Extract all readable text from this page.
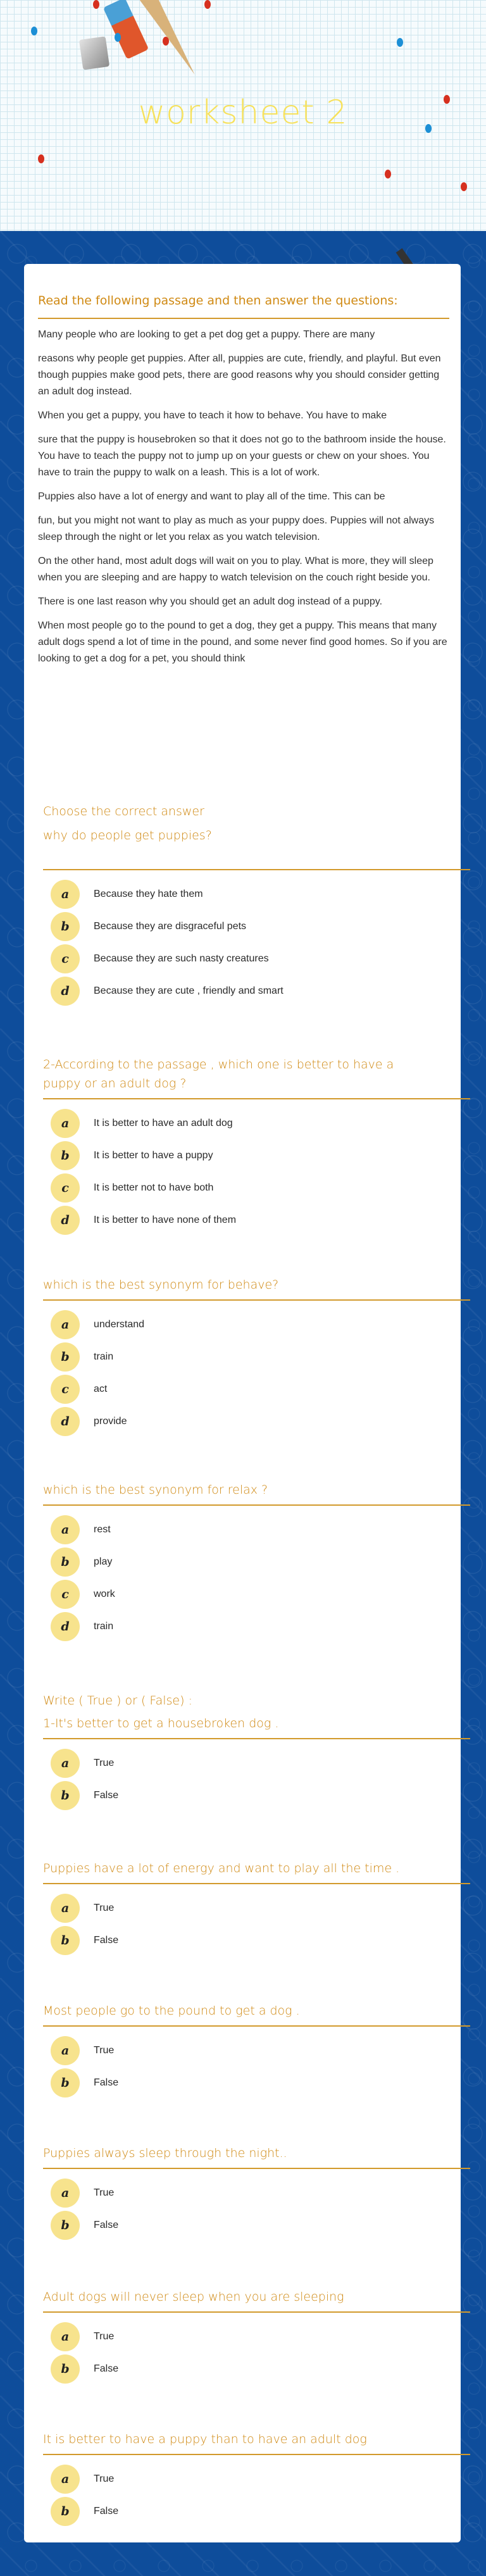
worksheet 2
Read the following passage and then answer the questions:

Many people who are looking to get a pet dog get a puppy. There are many

reasons why people get puppies. After all, puppies are cute, friendly, and playful. But even though puppies make good pets, there are good reasons why you should consider getting an adult dog instead.

When you get a puppy, you have to teach it how to behave. You have to make

sure that the puppy is housebroken so that it does not go to the bathroom inside the house. You have to teach the puppy not to jump up on your guests or chew on your shoes. You have to train the puppy to walk on a leash. This is a lot of work.

Puppies also have a lot of energy and want to play all of the time. This can be

fun, but you might not want to play as much as your puppy does. Puppies will not always sleep through the night or let you relax as you watch television.

On the other hand, most adult dogs will wait on you to play. What is more, they will sleep when you are sleeping and are happy to watch television on the couch right beside you.

There is one last reason why you should get an adult dog instead of a puppy.

When most people go to the pound to get a dog, they get a puppy. This means that many adult dogs spend a lot of time in the pound, and some never find good homes. So if you are looking to get a dog for a pet, you should think

Choose the correct answer
why do people get puppies?
a	Because they hate them
b	Because they are disgraceful pets
c	Because they are such nasty creatures
d	Because they are cute , friendly and smart
2-According to the passage , which one is better to have a
puppy or an adult dog ?
a	It is better to have an adult dog
b	It is better to have a puppy
c	It is better not to have both
d	It is better to have none of them
which is the best synonym for behave?
a	understand
b	train
c	act
d	provide
which is the best synonym for relax ?
a	rest
b	play
c	work
d	train
Write ( True ) or ( False) :
1-It's better to get a housebroken dog .
a	True
b	False
Puppies have a lot of energy and want to play all the time .
a	True
b	False
Most people go to the pound to get a dog .
a	True
b	False
Puppies always sleep through the night..
a	True
b	False
Adult dogs will never sleep when you are sleeping
a	True
b	False
It is better to have a puppy than to have an adult dog
a	True
b	False
